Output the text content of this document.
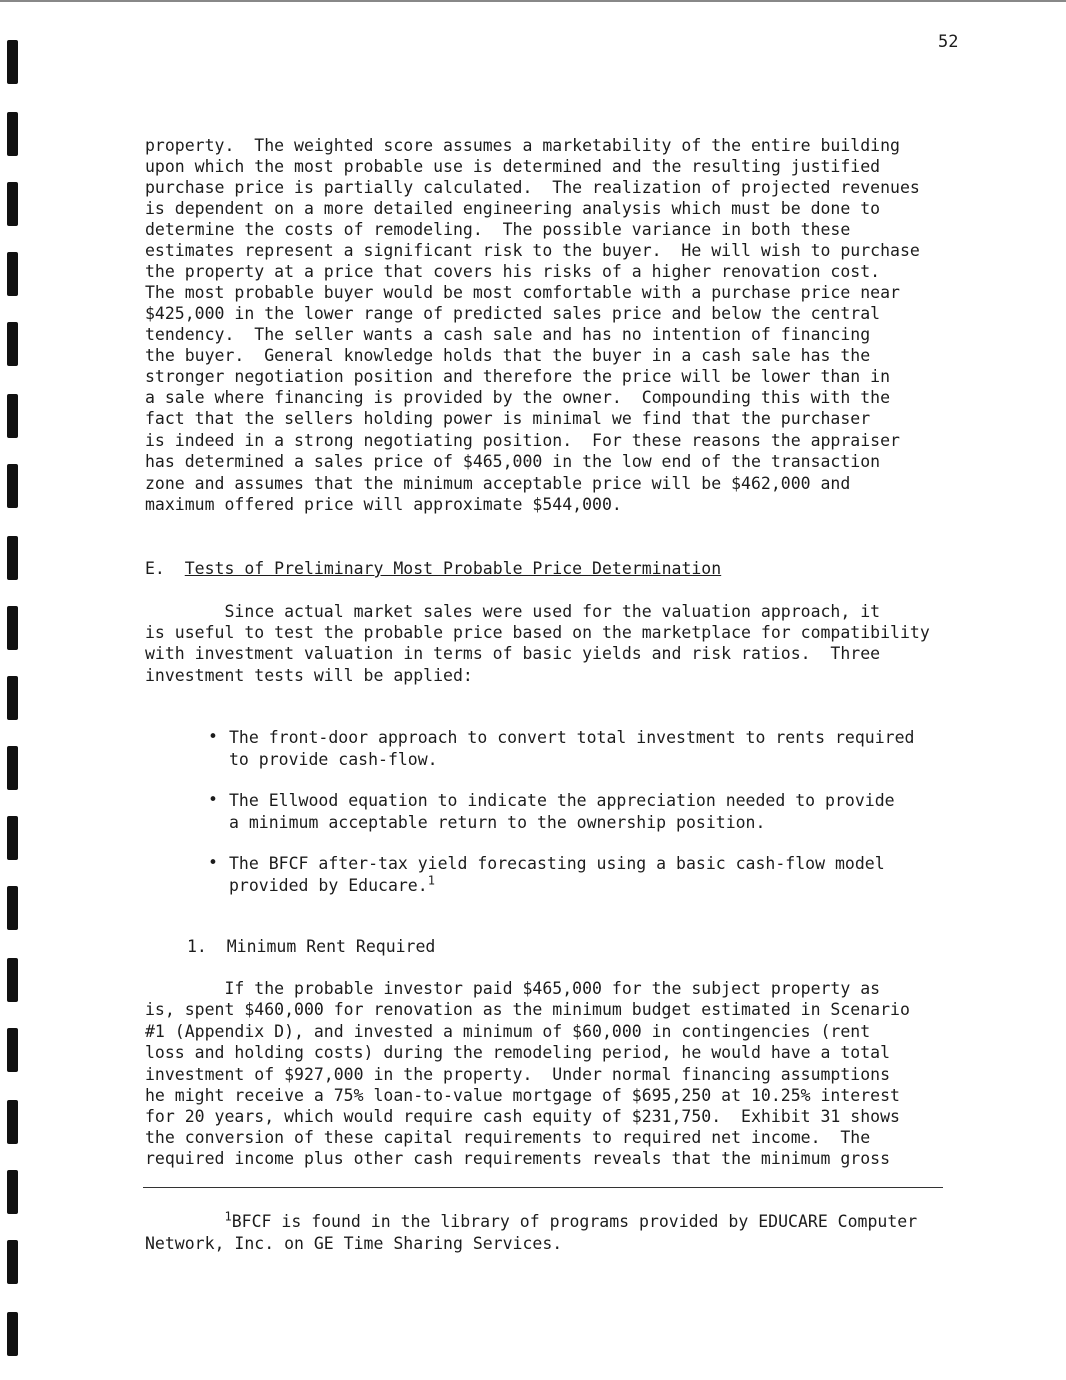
52
property.  The weighted score assumes a marketability of the entire building
upon which the most probable use is determined and the resulting justified
purchase price is partially calculated.  The realization of projected revenues
is dependent on a more detailed engineering analysis which must be done to
determine the costs of remodeling.  The possible variance in both these
estimates represent a significant risk to the buyer.  He will wish to purchase
the property at a price that covers his risks of a higher renovation cost.
The most probable buyer would be most comfortable with a purchase price near
$425,000 in the lower range of predicted sales price and below the central
tendency.  The seller wants a cash sale and has no intention of financing
the buyer.  General knowledge holds that the buyer in a cash sale has the
stronger negotiation position and therefore the price will be lower than in
a sale where financing is provided by the owner.  Compounding this with the
fact that the sellers holding power is minimal we find that the purchaser
is indeed in a strong negotiating position.  For these reasons the appraiser
has determined a sales price of $465,000 in the low end of the transaction
zone and assumes that the minimum acceptable price will be $462,000 and
maximum offered price will approximate $544,000.
E. Tests of Preliminary Most Probable Price Determination
Since actual market sales were used for the valuation approach, it
is useful to test the probable price based on the marketplace for compatibility
with investment valuation in terms of basic yields and risk ratios.  Three
investment tests will be applied:
• The front-door approach to convert total investment to rents required
to provide cash-flow.
• The Ellwood equation to indicate the appreciation needed to provide
a minimum acceptable return to the ownership position.
• The BFCF after-tax yield forecasting using a basic cash-flow model
provided by Educare.$^1$
1. Minimum Rent Required
If the probable investor paid $465,000 for the subject property as
is, spent $460,000 for renovation as the minimum budget estimated in Scenario
#1 (Appendix D), and invested a minimum of $60,000 in contingencies (rent
loss and holding costs) during the remodeling period, he would have a total
investment of $927,000 in the property.  Under normal financing assumptions
he might receive a 75% loan-to-value mortgage of $695,250 at 10.25% interest
for 20 years, which would require cash equity of $231,750.  Exhibit 31 shows
the conversion of these capital requirements to required net income.  The
required income plus other cash requirements reveals that the minimum gross
$^1$BFCF is found in the library of programs provided by EDUCARE Computer
Network, Inc. on GE Time Sharing Services.
